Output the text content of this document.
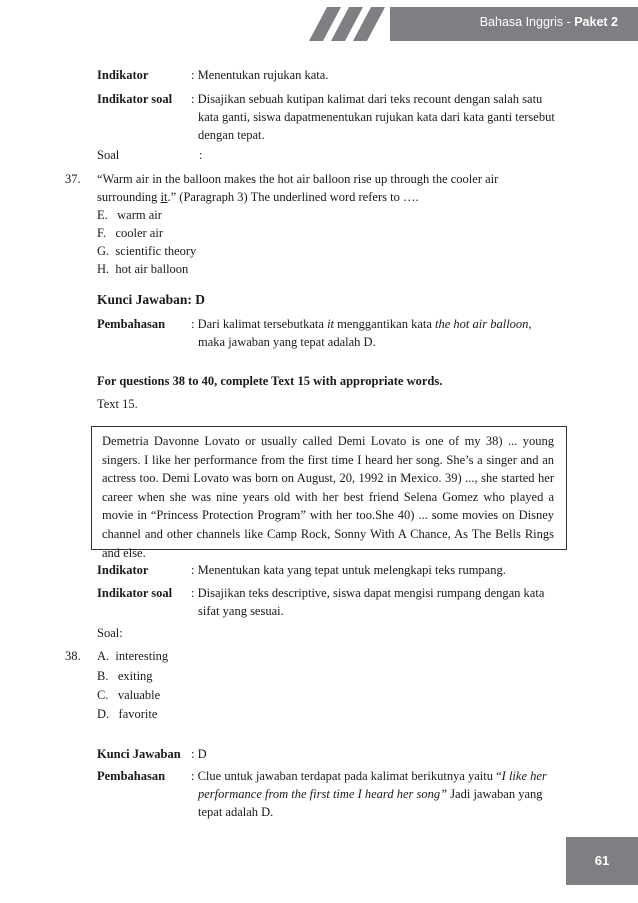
Bahasa Inggris - Paket 2
Indikator	: Menentukan rujukan kata.
Indikator soal : Disajikan sebuah kutipan kalimat dari teks recount dengan salah satu
kata ganti, siswa dapatmenentukan rujukan kata dari kata ganti tersebut
dengan tepat.
Soal	:
37. “Warm air in the balloon makes the hot air balloon rise up through the cooler air
surrounding it.” (Paragraph 3) The underlined word refers to ….
E.   warm air
F.   cooler air
G.  scientific theory
H.  hot air balloon
Kunci Jawaban: D
Pembahasan : Dari kalimat tersebutkata it menggantikan kata the hot air balloon,
maka jawaban yang tepat adalah D.
For questions 38 to 40, complete Text 15 with appropriate words.
Text 15.

Demetria Davonne Lovato or usually called Demi Lovato is one of my 38) ... young singers. I like her performance from the first time I heard her song. She’s a singer and an actress too. Demi Lovato was born on August, 20, 1992 in Mexico. 39) ..., she started her career when she was nine years old with her best friend Selena Gomez who played a movie in “Princess Protection Program” with her too.She 40) ... some movies on Disney channel and other channels like Camp Rock, Sonny With A Chance, As The Bells Rings and else.

Indikator	: Menentukan kata yang tepat untuk melengkapi teks rumpang.
Indikator soal : Disajikan teks descriptive, siswa dapat mengisi rumpang dengan kata
sifat yang sesuai.
Soal:
38. A.  interesting
B.   exiting
C.   valuable
D.   favorite
Kunci Jawaban : D
Pembahasan : Clue untuk jawaban terdapat pada kalimat berikutnya yaitu “I like her
performance from the first time I heard her song” Jadi jawaban yang
tepat adalah D.
61
